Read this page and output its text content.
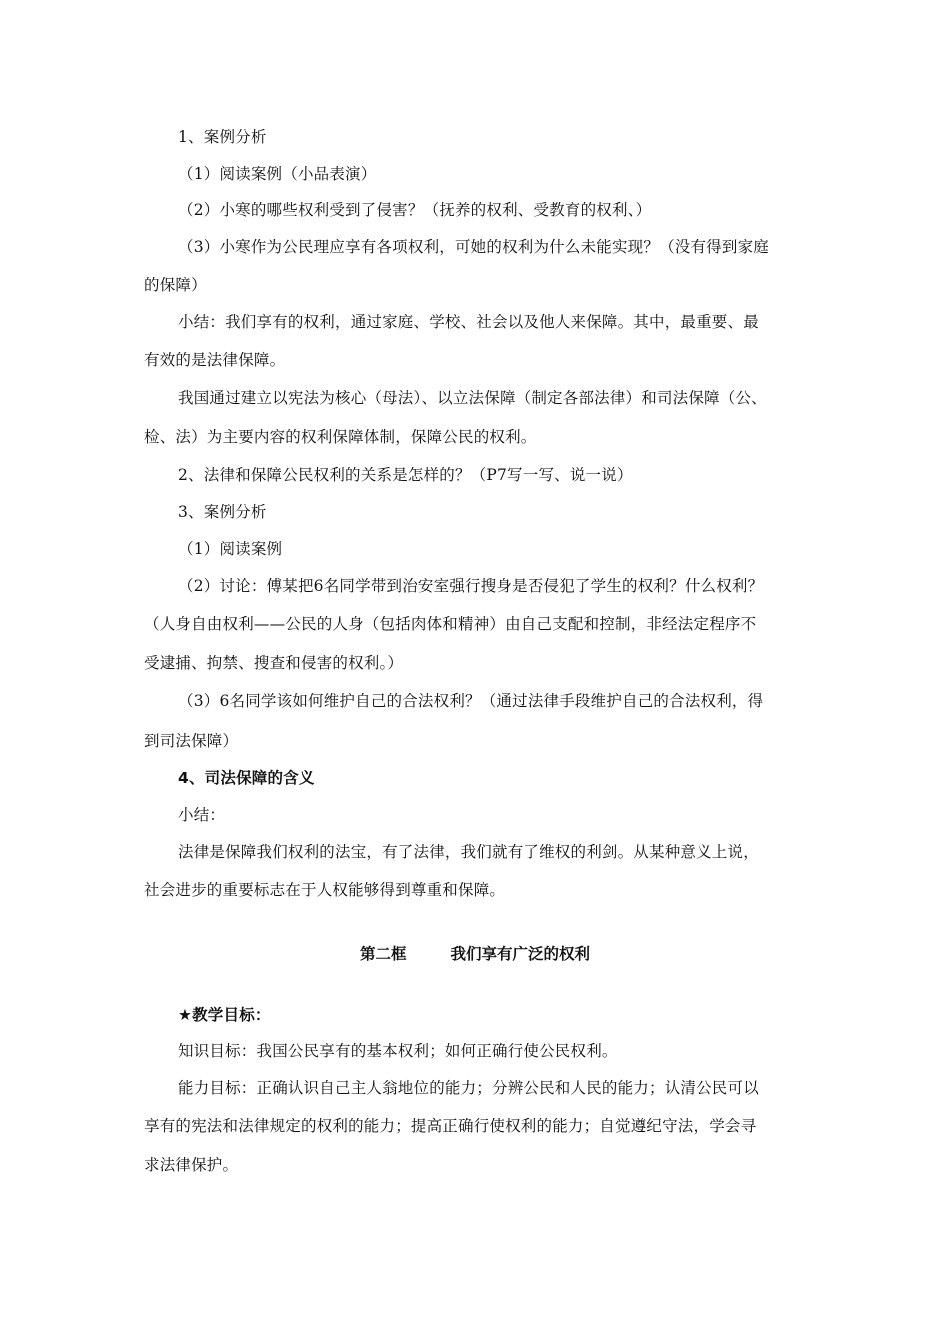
1、案例分析
（1）阅读案例（小品表演）
（2）小寒的哪些权利受到了侵害？（抚养的权利、受教育的权利、）
（3）小寒作为公民理应享有各项权利，可她的权利为什么未能实现？（没有得到家庭
的保障）
小结：我们享有的权利，通过家庭、学校、社会以及他人来保障。其中，最重要、最
有效的是法律保障。
我国通过建立以宪法为核心（母法）、以立法保障（制定各部法律）和司法保障（公、
检、法）为主要内容的权利保障体制，保障公民的权利。
2、法律和保障公民权利的关系是怎样的？（P7写一写、说一说）
3、案例分析
（1）阅读案例
（2）讨论：傅某把6名同学带到治安室强行搜身是否侵犯了学生的权利？什么权利？
（人身自由权利——公民的人身（包括肉体和精神）由自己支配和控制，非经法定程序不
受逮捕、拘禁、搜查和侵害的权利。）
（3）6名同学该如何维护自己的合法权利？（通过法律手段维护自己的合法权利，得
到司法保障）
4、司法保障的含义
小结：
法律是保障我们权利的法宝，有了法律，我们就有了维权的利剑。从某种意义上说，
社会进步的重要标志在于人权能够得到尊重和保障。
第二框	我们享有广泛的权利
★教学目标：
知识目标：我国公民享有的基本权利；如何正确行使公民权利。
能力目标：正确认识自己主人翁地位的能力；分辨公民和人民的能力；认清公民可以
享有的宪法和法律规定的权利的能力；提高正确行使权利的能力；自觉遵纪守法，学会寻
求法律保护。
